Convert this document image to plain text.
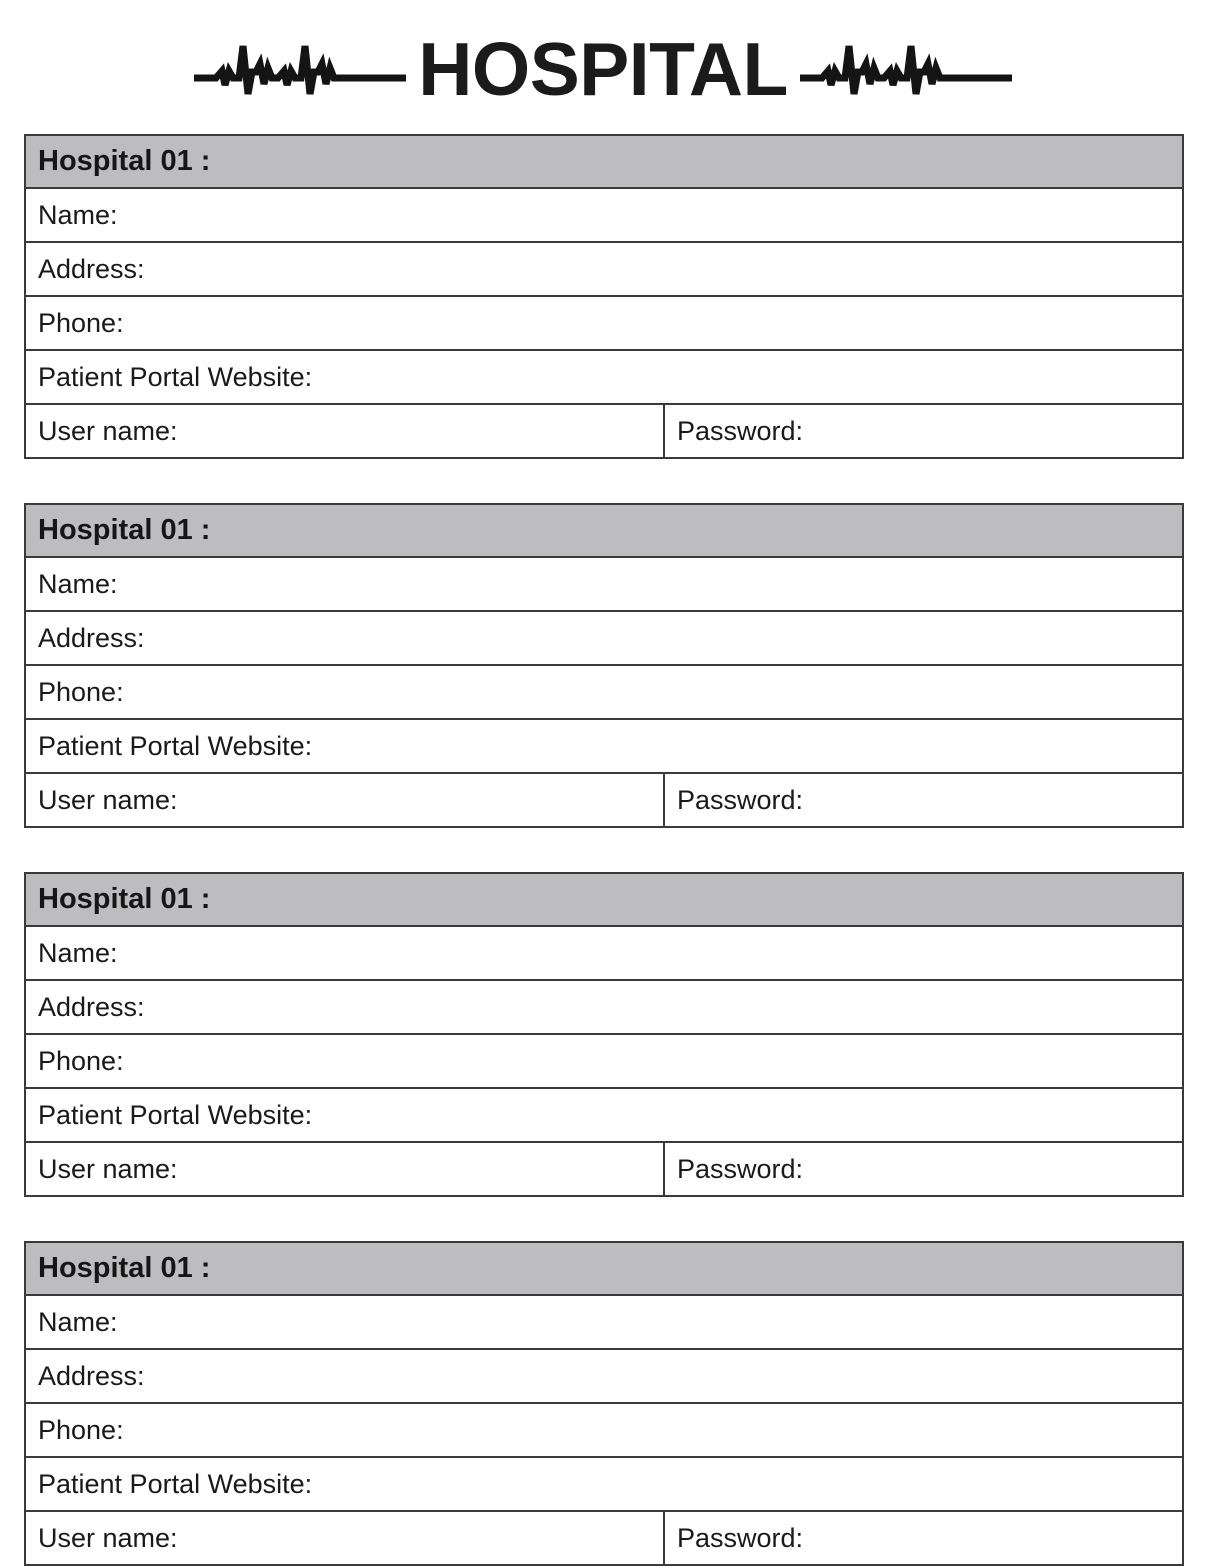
HOSPITAL
Hospital 01 :
Name:
Address:
Phone:
Patient Portal Website:
User name:	Password:
Hospital 01 :
Name:
Address:
Phone:
Patient Portal Website:
User name:	Password:
Hospital 01 :
Name:
Address:
Phone:
Patient Portal Website:
User name:	Password:
Hospital 01 :
Name:
Address:
Phone:
Patient Portal Website:
User name:	Password:
